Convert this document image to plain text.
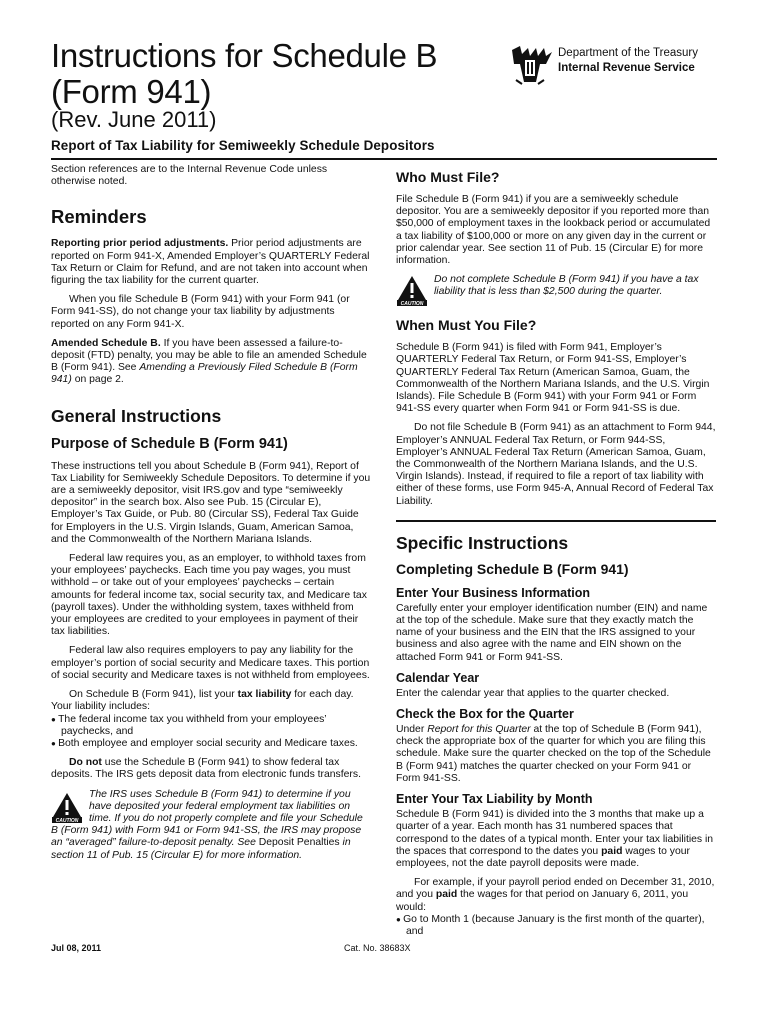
Instructions for Schedule B
(Form 941)
(Rev. June 2011)
Department of the Treasury
Internal Revenue Service
Report of Tax Liability for Semiweekly Schedule Depositors

Section references are to the Internal Revenue Code unless otherwise noted.

Reminders

Reporting prior period adjustments. Prior period adjustments are reported on Form 941-X, Amended Employer’s QUARTERLY Federal Tax Return or Claim for Refund, and are not taken into account when figuring the tax liability for the current quarter.

When you file Schedule B (Form 941) with your Form 941 (or Form 941-SS), do not change your tax liability by adjustments reported on any Form 941-X.

Amended Schedule B. If you have been assessed a failure-to-deposit (FTD) penalty, you may be able to file an amended Schedule B (Form 941). See Amending a Previously Filed Schedule B (Form 941) on page 2.

General Instructions
Purpose of Schedule B (Form 941)

These instructions tell you about Schedule B (Form 941), Report of Tax Liability for Semiweekly Schedule Depositors. To determine if you are a semiweekly depositor, visit IRS.gov and type “semiweekly depositor” in the search box. Also see Pub. 15 (Circular E), Employer’s Tax Guide, or Pub. 80 (Circular SS), Federal Tax Guide for Employers in the U.S. Virgin Islands, Guam, American Samoa, and the Commonwealth of the Northern Mariana Islands.

Federal law requires you, as an employer, to withhold taxes from your employees’ paychecks. Each time you pay wages, you must withhold – or take out of your employees’ paychecks – certain amounts for federal income tax, social security tax, and Medicare tax (payroll taxes). Under the withholding system, taxes withheld from your employees are credited to your employees in payment of their tax liabilities.

Federal law also requires employers to pay any liability for the employer’s portion of social security and Medicare taxes. This portion of social security and Medicare taxes is not withheld from employees.

On Schedule B (Form 941), list your tax liability for each day. Your liability includes:

● The federal income tax you withheld from your employees’ paychecks, and
● Both employee and employer social security and Medicare taxes.

Do not use the Schedule B (Form 941) to show federal tax deposits. The IRS gets deposit data from electronic funds transfers.

CAUTION
The IRS uses Schedule B (Form 941) to determine if you have deposited your federal employment tax liabilities on time. If you do not properly complete and file your Schedule B (Form 941) with Form 941 or Form 941-SS, the IRS may propose an “averaged” failure-to-deposit penalty. See Deposit Penalties in section 11 of Pub. 15 (Circular E) for more information.
Who Must File?

File Schedule B (Form 941) if you are a semiweekly schedule depositor. You are a semiweekly depositor if you reported more than $50,000 of employment taxes in the lookback period or accumulated a tax liability of $100,000 or more on any given day in the current or prior calendar year. See section 11 of Pub. 15 (Circular E) for more information.

CAUTION
Do not complete Schedule B (Form 941) if you have a tax liability that is less than $2,500 during the quarter.
When Must You File?

Schedule B (Form 941) is filed with Form 941, Employer’s QUARTERLY Federal Tax Return, or Form 941-SS, Employer’s QUARTERLY Federal Tax Return (American Samoa, Guam, the Commonwealth of the Northern Mariana Islands, and the U.S. Virgin Islands). File Schedule B (Form 941) with your Form 941 or Form 941-SS every quarter when Form 941 or Form 941-SS is due.

Do not file Schedule B (Form 941) as an attachment to Form 944, Employer’s ANNUAL Federal Tax Return, or Form 944-SS, Employer’s ANNUAL Federal Tax Return (American Samoa, Guam, the Commonwealth of the Northern Mariana Islands, and the U.S. Virgin Islands). Instead, if required to file a report of tax liability with either of these forms, use Form 945-A, Annual Record of Federal Tax Liability.

Specific Instructions
Completing Schedule B (Form 941)
Enter Your Business Information

Carefully enter your employer identification number (EIN) and name at the top of the schedule. Make sure that they exactly match the name of your business and the EIN that the IRS assigned to your business and also agree with the name and EIN shown on the attached Form 941 or Form 941-SS.

Calendar Year

Enter the calendar year that applies to the quarter checked.

Check the Box for the Quarter

Under Report for this Quarter at the top of Schedule B (Form 941), check the appropriate box of the quarter for which you are filing this schedule. Make sure the quarter checked on the top of the Schedule B (Form 941) matches the quarter checked on your Form 941 or Form 941-SS.

Enter Your Tax Liability by Month

Schedule B (Form 941) is divided into the 3 months that make up a quarter of a year. Each month has 31 numbered spaces that correspond to the dates of a typical month. Enter your tax liabilities in the spaces that correspond to the dates you paid wages to your employees, not the date payroll deposits were made.

For example, if your payroll period ended on December 31, 2010, and you paid the wages for that period on January 6, 2011, you would:

● Go to Month 1 (because January is the first month of the quarter), and
Jul 08, 2011	Cat. No. 38683X
